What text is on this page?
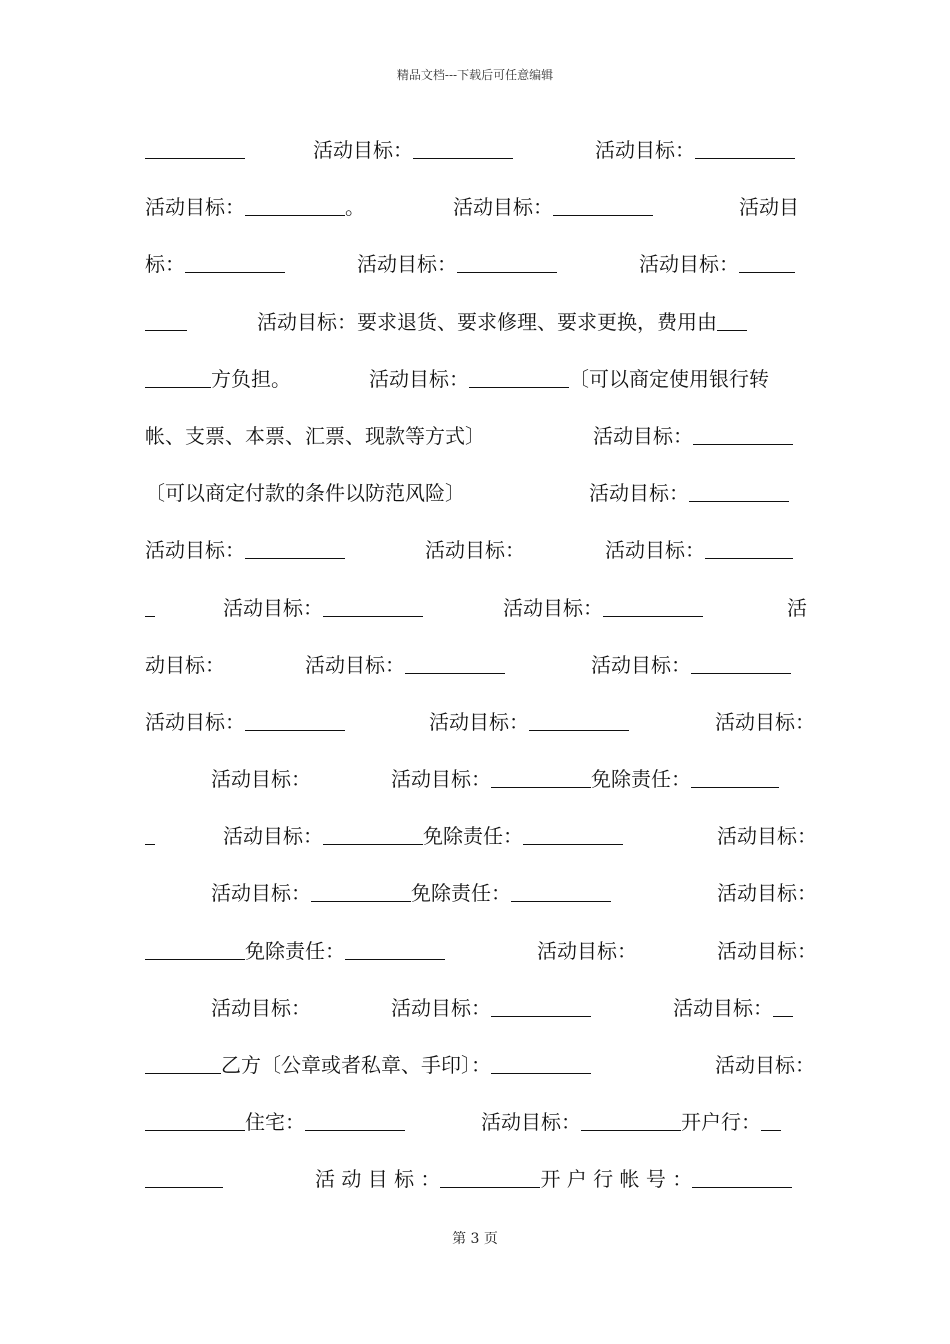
精品文档---下载后可任意编辑
活动目标：	活动目标：
活动目标：	。	活动目标：	活动目
标：	活动目标：	活动目标：
活动目标：要求退货、要求修理、要求更换，费用由
方负担。	活动目标：	〔可以商定使用银行转
帐、支票、本票、汇票、现款等方式〕	活动目标：
〔可以商定付款的条件以防范风险〕	活动目标：
活动目标：	活动目标：	活动目标：
活动目标：	活动目标：	活
动目标：	活动目标：	活动目标：
活动目标：	活动目标：	活动目标：
活动目标：	活动目标：	免除责任：
活动目标：	免除责任：	活动目标：
活动目标：	免除责任：	活动目标：
免除责任：	活动目标：	活动目标：
活动目标：	活动目标：	活动目标：
乙方〔公章或者私章、手印〕：	活动目标：
住宅：	活动目标：	开户行：
活 动 目 标 ：	开 户 行 帐 号 ：
第 3 页
